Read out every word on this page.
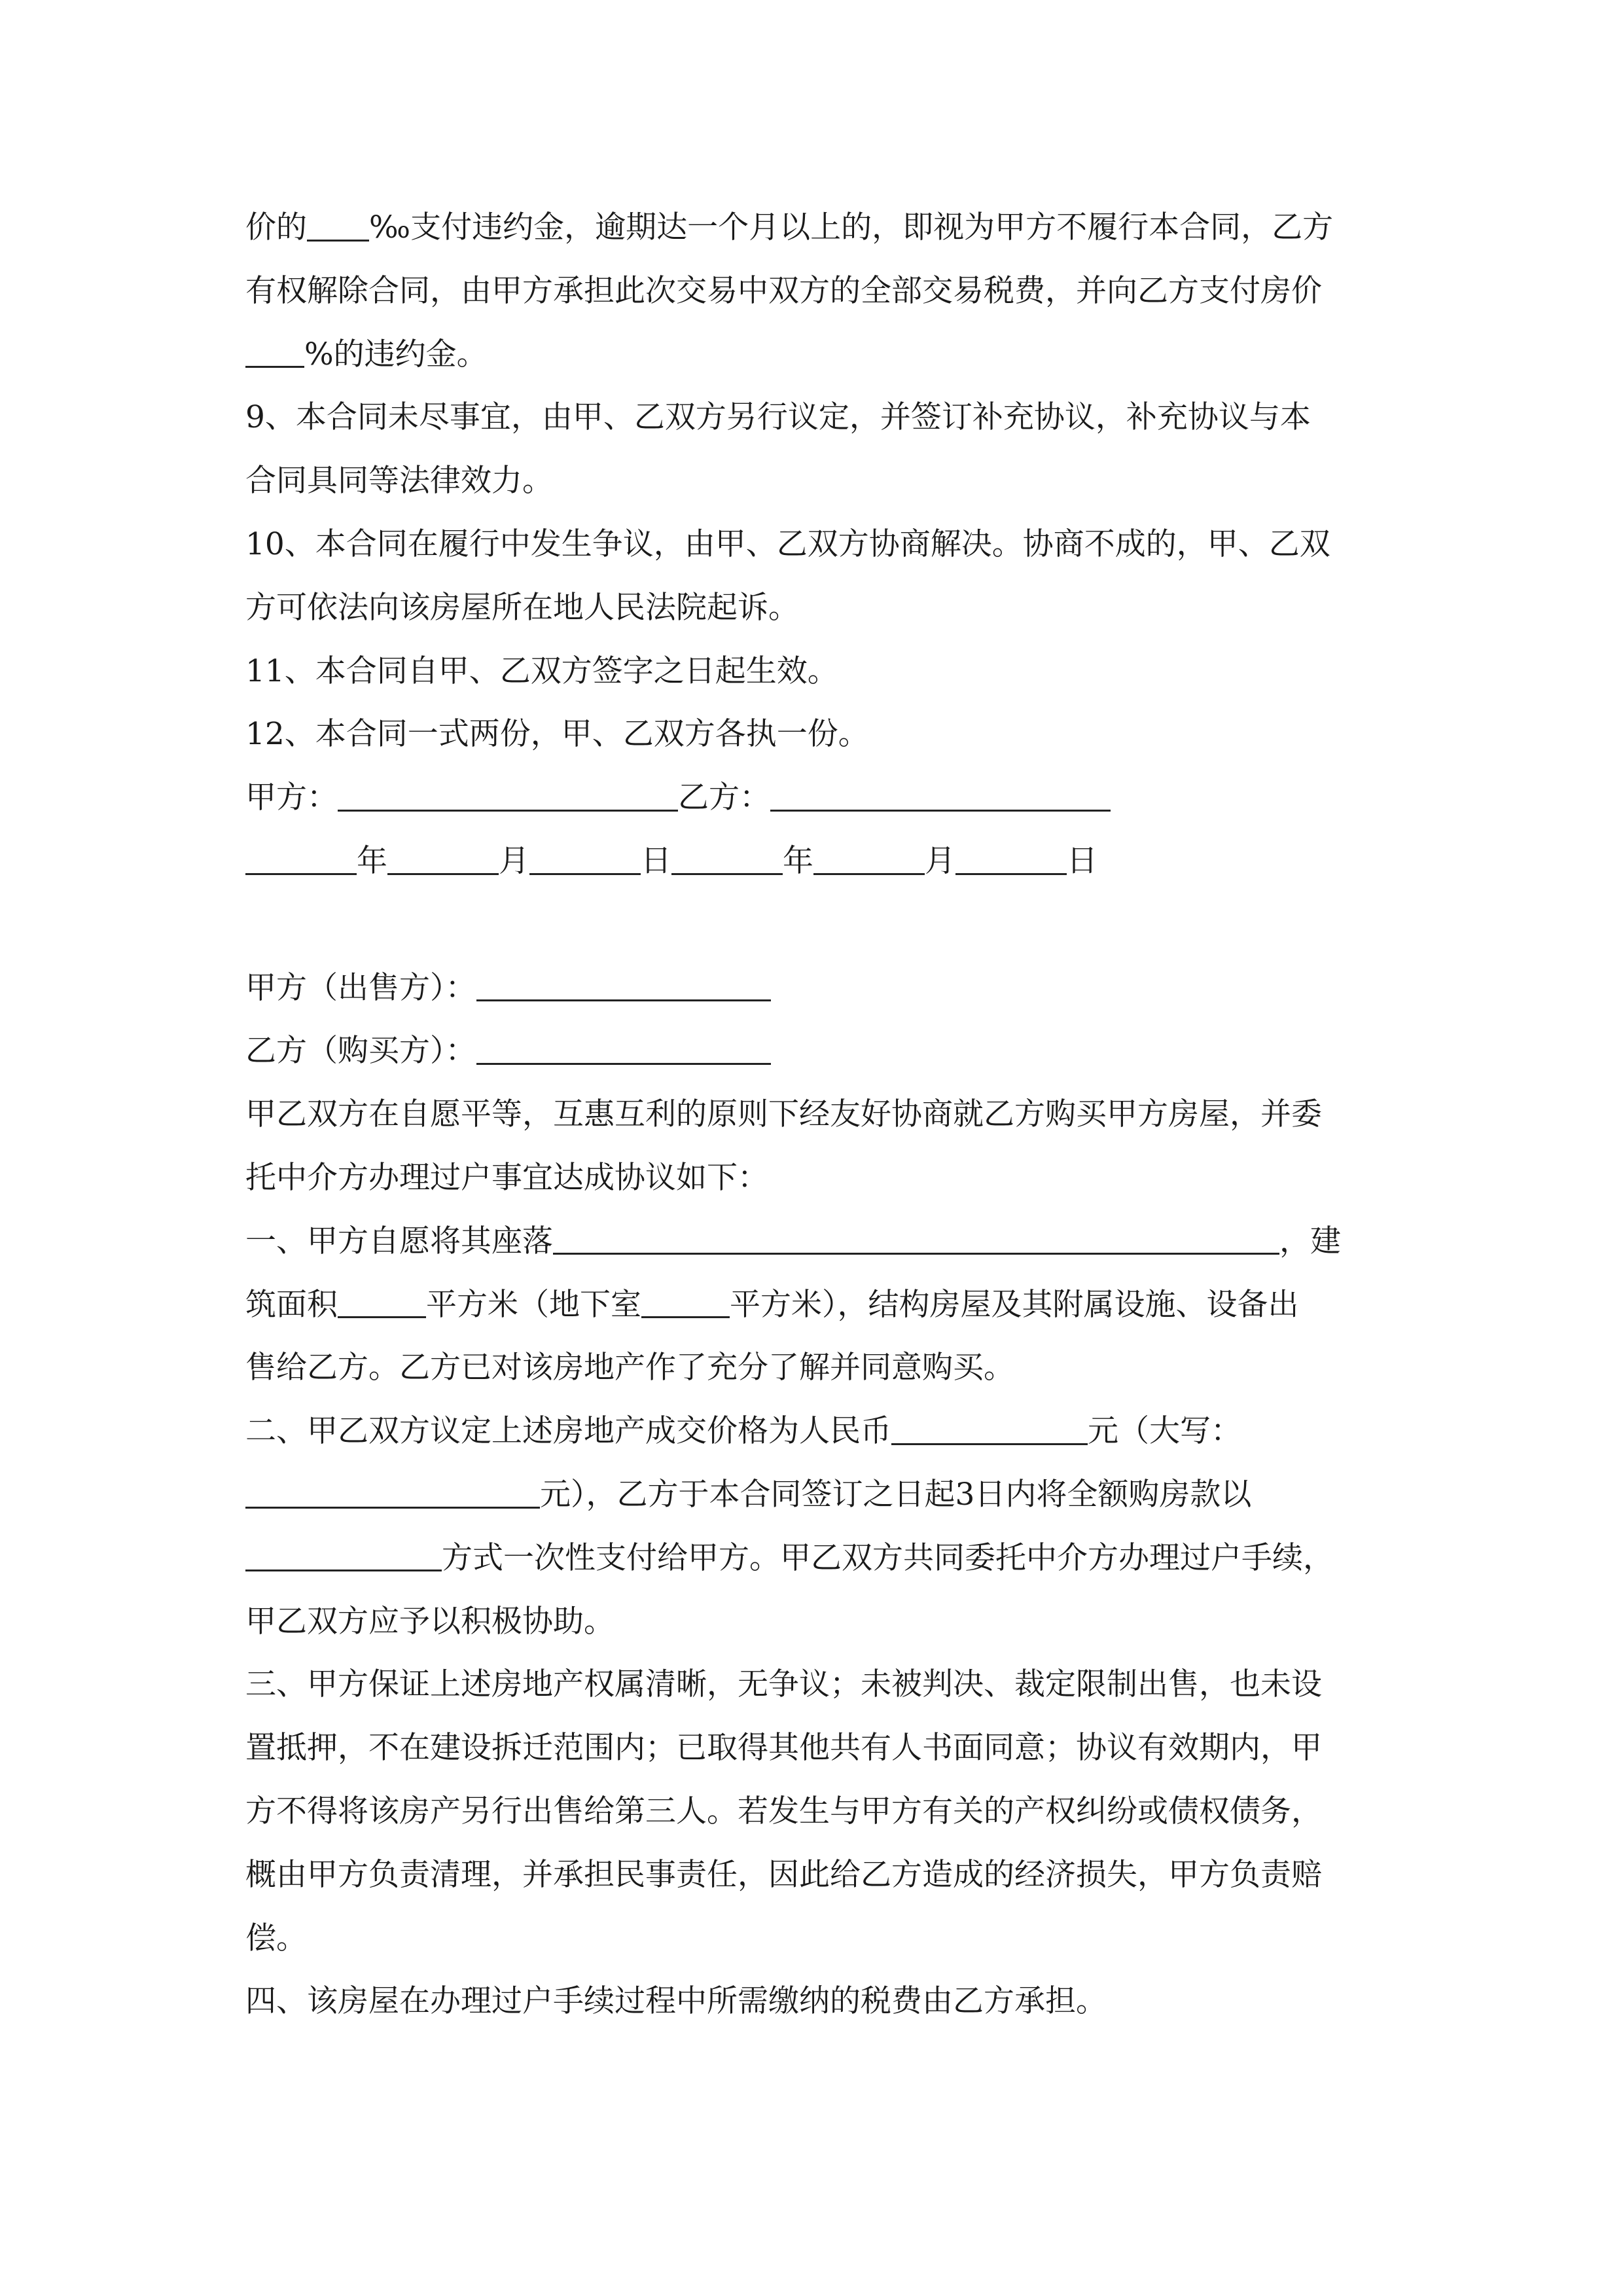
价的 ‰支付违约金，逾期达一个月以上的，即视为甲方不履行本合同，乙方
有权解除合同，由甲方承担此次交易中双方的全部交易税费，并向乙方支付房价
%的违约金。
9、本合同未尽事宜，由甲、乙双方另行议定，并签订补充协议，补充协议与本
合同具同等法律效力。
10、本合同在履行中发生争议，由甲、乙双方协商解决。协商不成的，甲、乙双
方可依法向该房屋所在地人民法院起诉。
11、本合同自甲、乙双方签字之日起生效。
12、本合同一式两份，甲、乙双方各执一份。
甲方：	乙方：
年	月	日	年	月	日
甲方（出售方）：
乙方（购买方）：
甲乙双方在自愿平等，互惠互利的原则下经友好协商就乙方购买甲方房屋，并委
托中介方办理过户事宜达成协议如下：
一、甲方自愿将其座落	，建
筑面积	平方米（地下室	平方米），结构房屋及其附属设施、设备出
售给乙方。乙方已对该房地产作了充分了解并同意购买。
二、甲乙双方议定上述房地产成交价格为人民币	元（大写：
元），乙方于本合同签订之日起3日内将全额购房款以
方式一次性支付给甲方。甲乙双方共同委托中介方办理过户手续，
甲乙双方应予以积极协助。
三、甲方保证上述房地产权属清晰，无争议；未被判决、裁定限制出售，也未设
置抵押，不在建设拆迁范围内；已取得其他共有人书面同意；协议有效期内，甲
方不得将该房产另行出售给第三人。若发生与甲方有关的产权纠纷或债权债务，
概由甲方负责清理，并承担民事责任，因此给乙方造成的经济损失，甲方负责赔
偿。
四、该房屋在办理过户手续过程中所需缴纳的税费由乙方承担。
